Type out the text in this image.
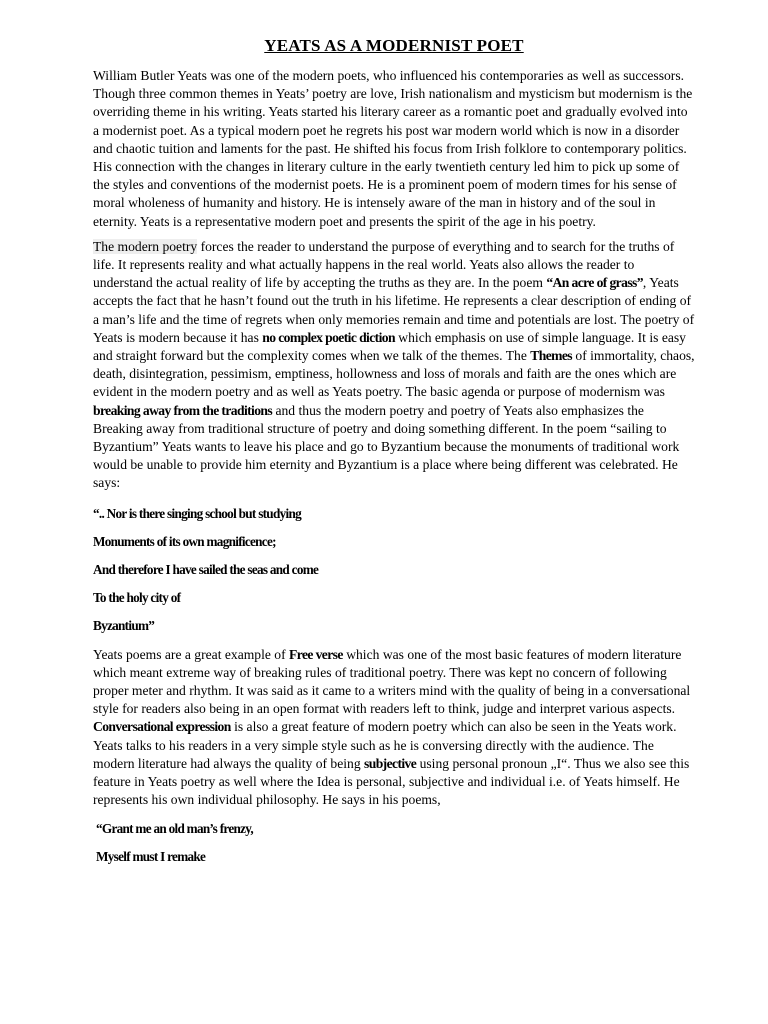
YEATS AS A MODERNIST POET

William Butler Yeats was one of the modern poets, who influenced his contemporaries as well as successors. Though three common themes in Yeats’ poetry are love, Irish nationalism and mysticism but modernism is the overriding theme in his writing. Yeats started his literary career as a romantic poet and gradually evolved into a modernist poet. As a typical modern poet he regrets his post war modern world which is now in a disorder and chaotic tuition and laments for the past. He shifted his focus from Irish folklore to contemporary politics. His connection with the changes in literary culture in the early twentieth century led him to pick up some of the styles and conventions of the modernist poets. He is a prominent poem of modern times for his sense of moral wholeness of humanity and history. He is intensely aware of the man in history and of the soul in eternity. Yeats is a representative modern poet and presents the spirit of the age in his poetry.

The modern poetry forces the reader to understand the purpose of everything and to search for the truths of life. It represents reality and what actually happens in the real world. Yeats also allows the reader to understand the actual reality of life by accepting the truths as they are. In the poem “An acre of grass”, Yeats accepts the fact that he hasn’t found out the truth in his lifetime. He represents a clear description of ending of a man’s life and the time of regrets when only memories remain and time and potentials are lost. The poetry of Yeats is modern because it has no complex poetic diction which emphasis on use of simple language. It is easy and straight forward but the complexity comes when we talk of the themes. The Themes of immortality, chaos, death, disintegration, pessimism, emptiness, hollowness and loss of morals and faith are the ones which are evident in the modern poetry and as well as Yeats poetry. The basic agenda or purpose of modernism was breaking away from the traditions and thus the modern poetry and poetry of Yeats also emphasizes the Breaking away from traditional structure of poetry and doing something different. In the poem “sailing to Byzantium” Yeats wants to leave his place and go to Byzantium because the monuments of traditional work would be unable to provide him eternity and Byzantium is a place where being different was celebrated. He says:

“.. Nor is there singing school but studying

Monuments of its own magnificence;

And therefore I have sailed the seas and come

To the holy city of

Byzantium”

Yeats poems are a great example of Free verse which was one of the most basic features of modern literature which meant extreme way of breaking rules of traditional poetry. There was kept no concern of following proper meter and rhythm. It was said as it came to a writers mind with the quality of being in a conversational style for readers also being in an open format with readers left to think, judge and interpret various aspects. Conversational expression is also a great feature of modern poetry which can also be seen in the Yeats work. Yeats talks to his readers in a very simple style such as he is conversing directly with the audience. The modern literature had always the quality of being subjective using personal pronoun „I“. Thus we also see this feature in Yeats poetry as well where the Idea is personal, subjective and individual i.e. of Yeats himself. He represents his own individual philosophy. He says in his poems,

“Grant me an old man’s frenzy,

Myself must I remake
